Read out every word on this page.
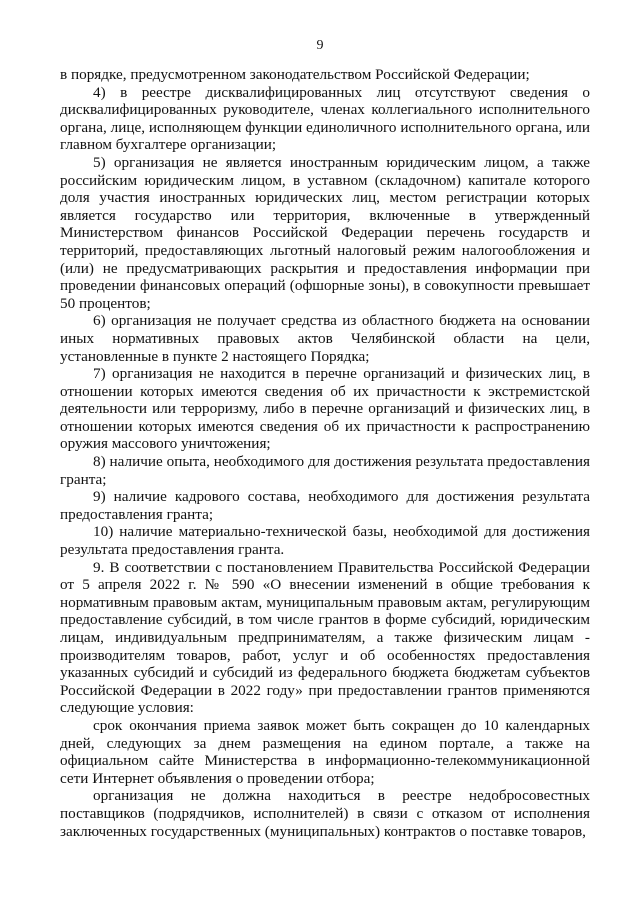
9

в порядке, предусмотренном законодательством Российской Федерации;

4) в реестре дисквалифицированных лиц отсутствуют сведения о дисквалифицированных руководителе, членах коллегиального исполнительного органа, лице, исполняющем функции единоличного исполнительного органа, или главном бухгалтере организации;

5) организация не является иностранным юридическим лицом, а также российским юридическим лицом, в уставном (складочном) капитале которого доля участия иностранных юридических лиц, местом регистрации которых является государство или территория, включенные в утвержденный Министерством финансов Российской Федерации перечень государств и территорий, предоставляющих льготный налоговый режим налогообложения и (или) не предусматривающих раскрытия и предоставления информации при проведении финансовых операций (офшорные зоны), в совокупности превышает 50 процентов;

6) организация не получает средства из областного бюджета на основании иных нормативных правовых актов Челябинской области на цели, установленные в пункте 2 настоящего Порядка;

7) организация не находится в перечне организаций и физических лиц, в отношении которых имеются сведения об их причастности к экстремистской деятельности или терроризму, либо в перечне организаций и физических лиц, в отношении которых имеются сведения об их причастности к распространению оружия массового уничтожения;

8) наличие опыта, необходимого для достижения результата предоставления гранта;

9) наличие кадрового состава, необходимого для достижения результата предоставления гранта;

10) наличие материально-технической базы, необходимой для достижения результата предоставления гранта.

9. В соответствии с постановлением Правительства Российской Федерации от 5 апреля 2022 г. № 590 «О внесении изменений в общие требования к нормативным правовым актам, муниципальным правовым актам, регулирующим предоставление субсидий, в том числе грантов в форме субсидий, юридическим лицам, индивидуальным предпринимателям, а также физическим лицам - производителям товаров, работ, услуг и об особенностях предоставления указанных субсидий и субсидий из федерального бюджета бюджетам субъектов Российской Федерации в 2022 году» при предоставлении грантов применяются следующие условия:

срок окончания приема заявок может быть сокращен до 10 календарных дней, следующих за днем размещения на едином портале, а также на официальном сайте Министерства в информационно-телекоммуникационной сети Интернет объявления о проведении отбора;

организация не должна находиться в реестре недобросовестных поставщиков (подрядчиков, исполнителей) в связи с отказом от исполнения заключенных государственных (муниципальных) контрактов о поставке товаров,
